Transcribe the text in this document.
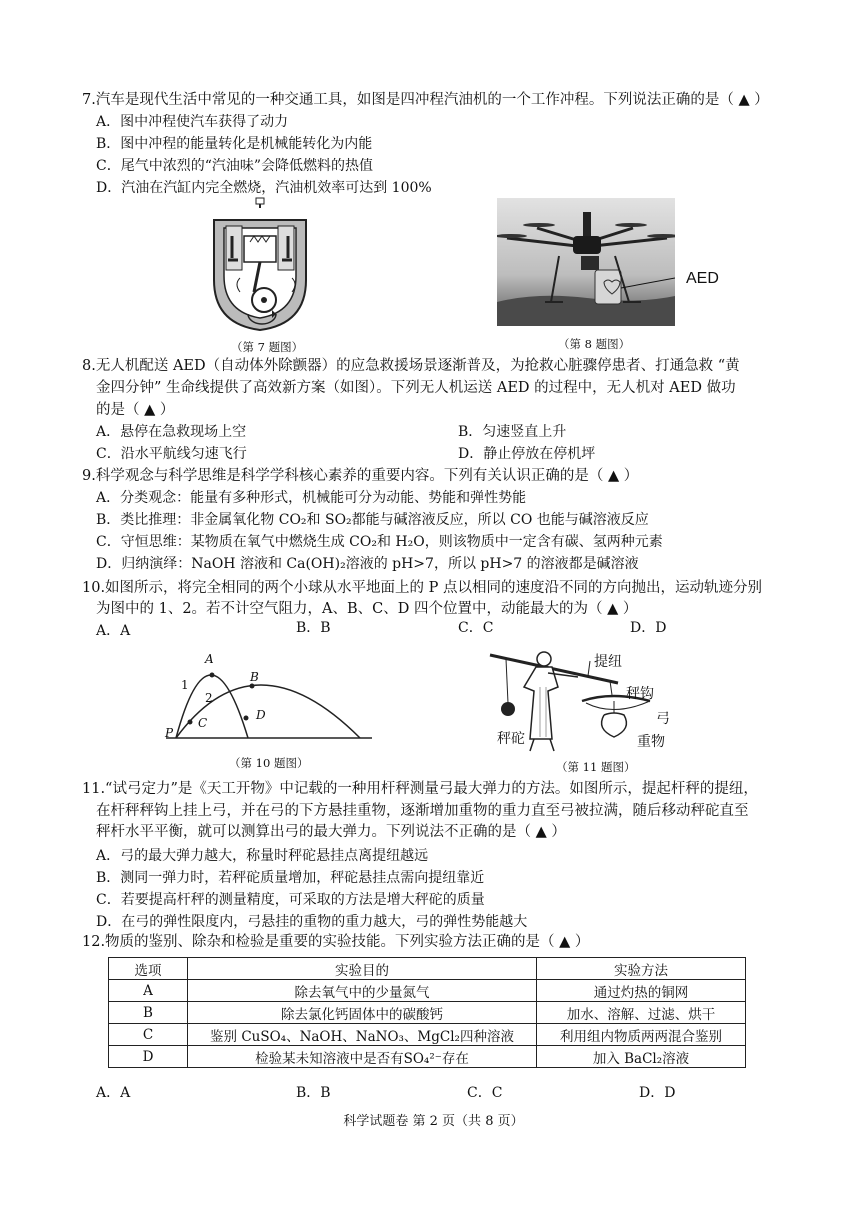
7.汽车是现代生活中常见的一种交通工具，如图是四冲程汽油机的一个工作冲程。下列说法正确的是（ ▲ ）
A．图中冲程使汽车获得了动力
B．图中冲程的能量转化是机械能转化为内能
C．尾气中浓烈的“汽油味”会降低燃料的热值
D．汽油在汽缸内完全燃烧，汽油机效率可达到 100%
（第 7 题图）
AED
（第 8 题图）
8.无人机配送 AED（自动体外除颤器）的应急救援场景逐渐普及，为抢救心脏骤停患者、打通急救 “黄
金四分钟” 生命线提供了高效新方案（如图）。下列无人机运送 AED 的过程中，无人机对 AED 做功
的是（ ▲ ）
A．悬停在急救现场上空	B．匀速竖直上升
C．沿水平航线匀速飞行	D．静止停放在停机坪
9.科学观念与科学思维是科学学科核心素养的重要内容。下列有关认识正确的是（ ▲ ）
A．分类观念：能量有多种形式，机械能可分为动能、势能和弹性势能
B．类比推理：非金属氧化物 CO₂和 SO₂都能与碱溶液反应，所以 CO 也能与碱溶液反应
C．守恒思维：某物质在氧气中燃烧生成 CO₂和 H₂O，则该物质中一定含有碳、氢两种元素
D．归纳演绎：NaOH 溶液和 Ca(OH)₂溶液的 pH>7，所以 pH>7 的溶液都是碱溶液
10.如图所示，将完全相同的两个小球从水平地面上的 P 点以相同的速度沿不同的方向抛出，运动轨迹分别
为图中的 1、2。若不计空气阻力，A、B、C、D 四个位置中，动能最大的为（ ▲ ）
A．A	B．B	C．C	D．D
A
B
C
D
P
1
2
（第 10 题图）
提纽
秤钩
弓
重物
秤砣
（第 11 题图）
11.“试弓定力”是《天工开物》中记载的一种用杆秤测量弓最大弹力的方法。如图所示，提起杆秤的提纽，
在杆秤秤钩上挂上弓，并在弓的下方悬挂重物，逐渐增加重物的重力直至弓被拉满，随后移动秤砣直至
秤杆水平平衡，就可以测算出弓的最大弹力。下列说法不正确的是（ ▲ ）
A．弓的最大弹力越大，称量时秤砣悬挂点离提纽越远
B．测同一弹力时，若秤砣质量增加，秤砣悬挂点需向提纽靠近
C．若要提高杆秤的测量精度，可采取的方法是增大秤砣的质量
D．在弓的弹性限度内，弓悬挂的重物的重力越大，弓的弹性势能越大
12.物质的鉴别、除杂和检验是重要的实验技能。下列实验方法正确的是（ ▲ ）
选项	实验目的	实验方法
A	除去氧气中的少量氮气	通过灼热的铜网
B	除去氯化钙固体中的碳酸钙	加水、溶解、过滤、烘干
C	鉴别 CuSO₄、NaOH、NaNO₃、MgCl₂四种溶液	利用组内物质两两混合鉴别
D	检验某未知溶液中是否有SO₄²⁻存在	加入 BaCl₂溶液
A．A	B．B	C．C	D．D
科学试题卷 第 2 页（共 8 页）
